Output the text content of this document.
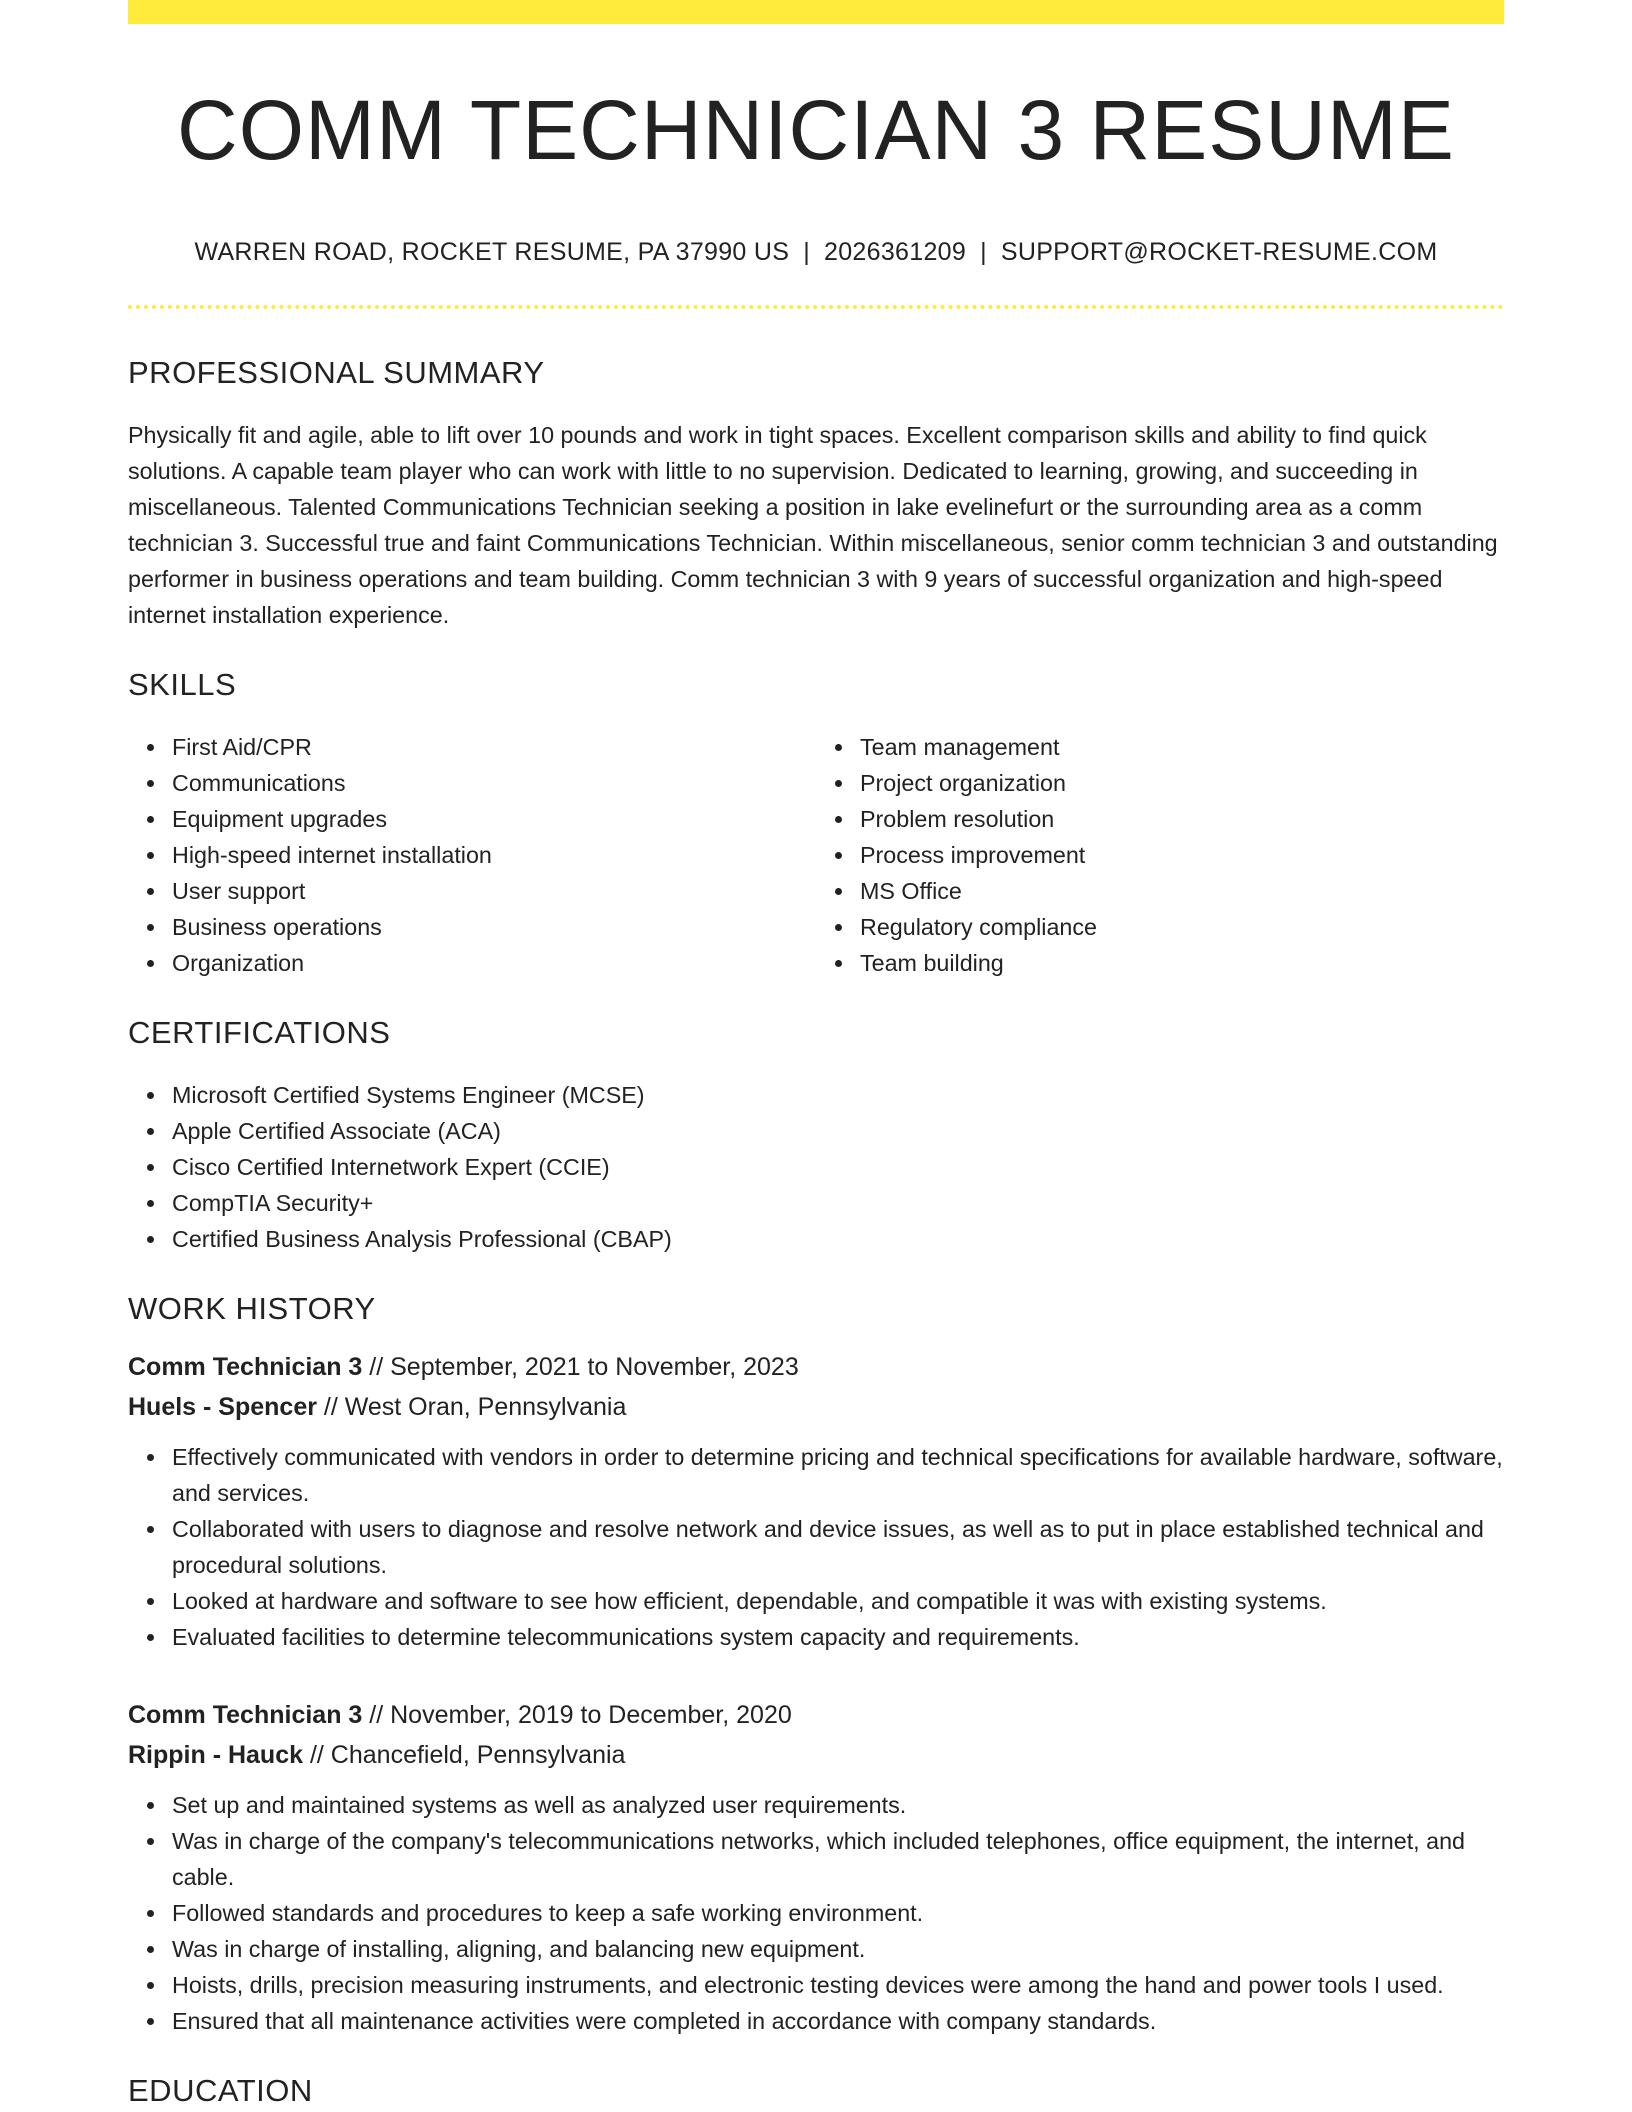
COMM TECHNICIAN 3 RESUME
WARREN ROAD, ROCKET RESUME, PA 37990 US | 2026361209 | SUPPORT@ROCKET-RESUME.COM
PROFESSIONAL SUMMARY

Physically fit and agile, able to lift over 10 pounds and work in tight spaces. Excellent comparison skills and ability to find quick solutions. A capable team player who can work with little to no supervision. Dedicated to learning, growing, and succeeding in miscellaneous. Talented Communications Technician seeking a position in lake evelinefurt or the surrounding area as a comm technician 3. Successful true and faint Communications Technician. Within miscellaneous, senior comm technician 3 and outstanding performer in business operations and team building. Comm technician 3 with 9 years of successful organization and high-speed internet installation experience.

SKILLS
First Aid/CPR
Communications
Equipment upgrades
High-speed internet installation
User support
Business operations
Organization
Team management
Project organization
Problem resolution
Process improvement
MS Office
Regulatory compliance
Team building
CERTIFICATIONS
Microsoft Certified Systems Engineer (MCSE)
Apple Certified Associate (ACA)
Cisco Certified Internetwork Expert (CCIE)
CompTIA Security+
Certified Business Analysis Professional (CBAP)
WORK HISTORY
Comm Technician 3 // September, 2021 to November, 2023
Huels - Spencer // West Oran, Pennsylvania
Effectively communicated with vendors in order to determine pricing and technical specifications for available hardware, software, and services.
Collaborated with users to diagnose and resolve network and device issues, as well as to put in place established technical and procedural solutions.
Looked at hardware and software to see how efficient, dependable, and compatible it was with existing systems.
Evaluated facilities to determine telecommunications system capacity and requirements.
Comm Technician 3 // November, 2019 to December, 2020
Rippin - Hauck // Chancefield, Pennsylvania
Set up and maintained systems as well as analyzed user requirements.
Was in charge of the company's telecommunications networks, which included telephones, office equipment, the internet, and cable.
Followed standards and procedures to keep a safe working environment.
Was in charge of installing, aligning, and balancing new equipment.
Hoists, drills, precision measuring instruments, and electronic testing devices were among the hand and power tools I used.
Ensured that all maintenance activities were completed in accordance with company standards.
EDUCATION
